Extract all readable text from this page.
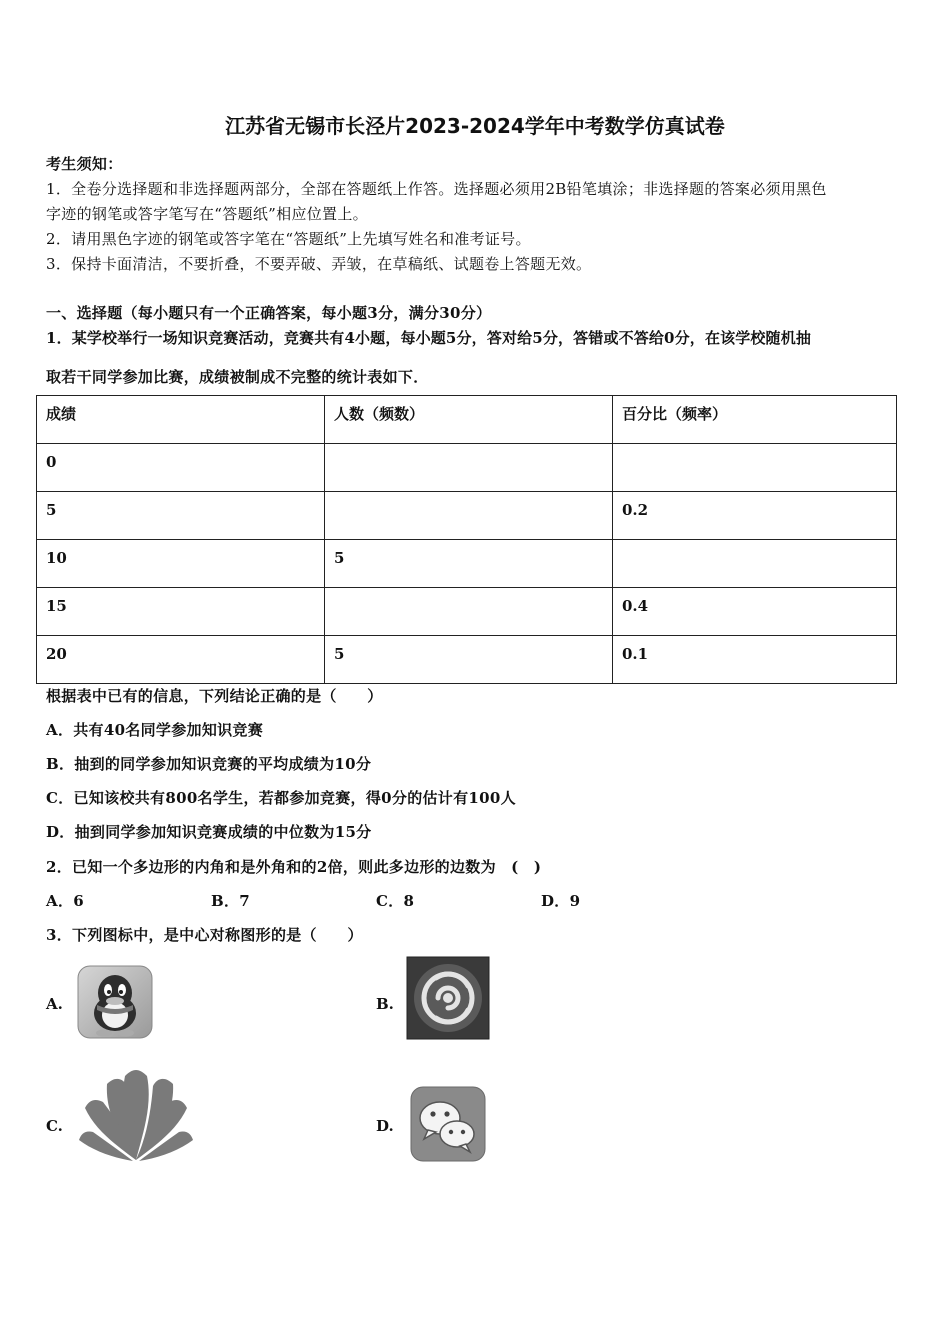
江苏省无锡市长泾片2023-2024学年中考数学仿真试卷
考生须知：
1．全卷分选择题和非选择题两部分，全部在答题纸上作答。选择题必须用2B铅笔填涂；非选择题的答案必须用黑色
字迹的钢笔或答字笔写在“答题纸”相应位置上。
2．请用黑色字迹的钢笔或答字笔在“答题纸”上先填写姓名和准考证号。
3．保持卡面清洁，不要折叠，不要弄破、弄皱，在草稿纸、试题卷上答题无效。
一、选择题（每小题只有一个正确答案，每小题3分，满分30分）
1．某学校举行一场知识竞赛活动，竞赛共有4小题，每小题5分，答对给5分，答错或不答给0分，在该学校随机抽
取若干同学参加比赛，成绩被制成不完整的统计表如下．
成绩	人数（频数）	百分比（频率）
0		
5		0.2
10	5	
15		0.4
20	5	0.1
根据表中已有的信息，下列结论正确的是（　　）
A．共有40名同学参加知识竞赛
B．抽到的同学参加知识竞赛的平均成绩为10分
C．已知该校共有800名学生，若都参加竞赛，得0分的估计有100人
D．抽到同学参加知识竞赛成绩的中位数为15分
2．已知一个多边形的内角和是外角和的2倍，则此多边形的边数为　(　)
A．6	B．7	C．8	D．9
3．下列图标中，是中心对称图形的是（　　）
A.	B.
C.	D.
